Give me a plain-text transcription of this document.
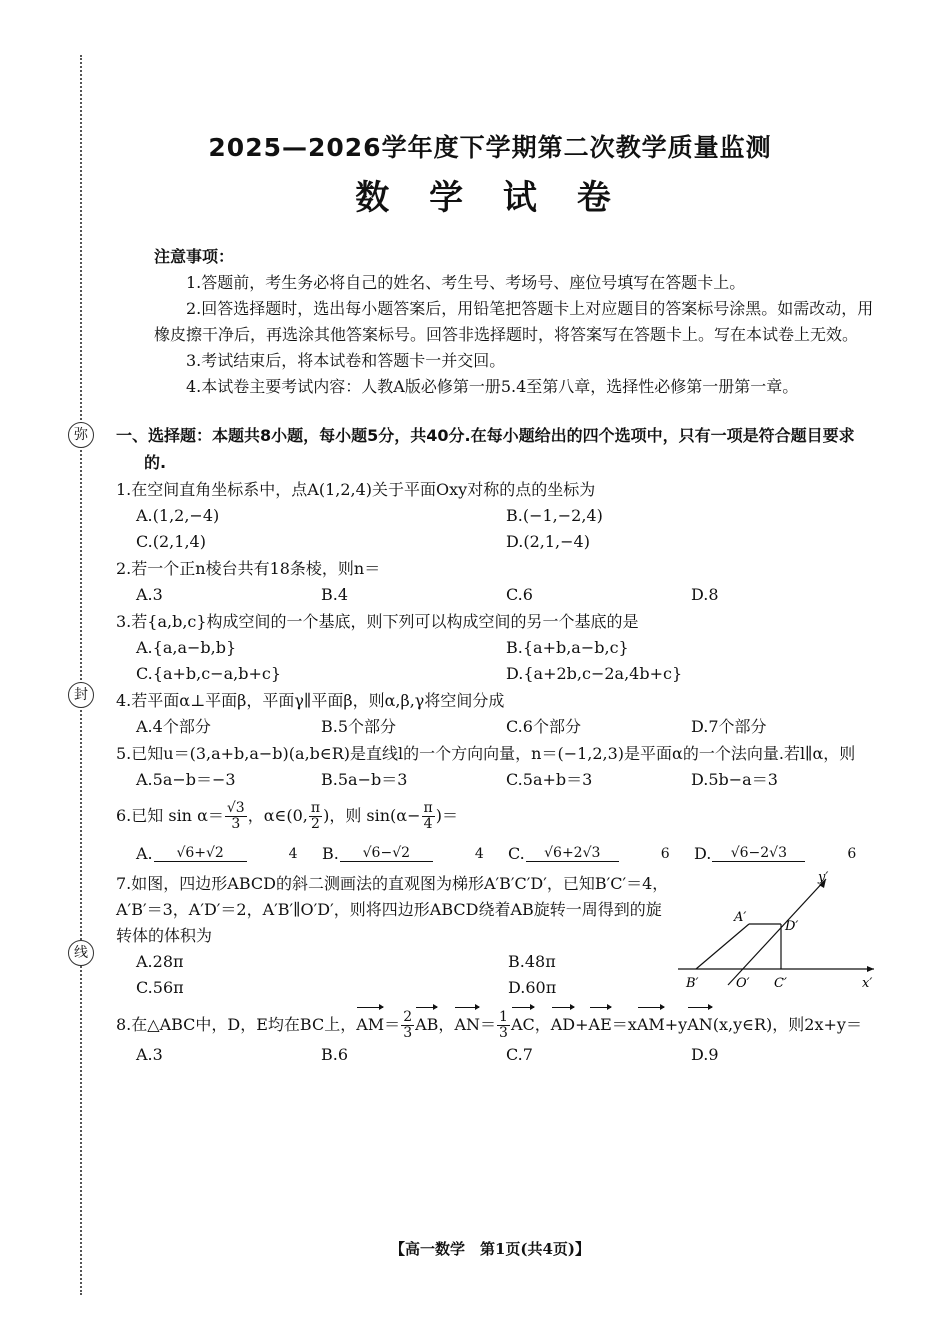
弥
封
线
2025—2026学年度下学期第二次教学质量监测
数 学 试 卷
注意事项：
1.答题前，考生务必将自己的姓名、考生号、考场号、座位号填写在答题卡上。
2.回答选择题时，选出每小题答案后，用铅笔把答题卡上对应题目的答案标号涂黑。如需改动，用橡皮擦干净后，再选涂其他答案标号。回答非选择题时，将答案写在答题卡上。写在本试卷上无效。
3.考试结束后，将本试卷和答题卡一并交回。
4.本试卷主要考试内容：人教A版必修第一册5.4至第八章，选择性必修第一册第一章。
一、选择题：本题共8小题，每小题5分，共40分.在每小题给出的四个选项中，只有一项是符合题目要求的.
1.在空间直角坐标系中，点A(1,2,4)关于平面Oxy对称的点的坐标为
A.(1,2,−4)	B.(−1,−2,4)
C.(2,1,4)	D.(2,1,−4)
2.若一个正n棱台共有18条棱，则n＝
A.3	B.4	C.6	D.8
3.若{a,b,c}构成空间的一个基底，则下列可以构成空间的另一个基底的是
A.{a,a−b,b}	B.{a+b,a−b,c}
C.{a+b,c−a,b+c}	D.{a+2b,c−2a,4b+c}
4.若平面α⊥平面β，平面γ∥平面β，则α,β,γ将空间分成
A.4个部分	B.5个部分	C.6个部分	D.7个部分
5.已知u＝(3,a+b,a−b)(a,b∈R)是直线l的一个方向向量，n＝(−1,2,3)是平面α的一个法向量.若l∥α，则
A.5a−b＝−3	B.5a−b＝3	C.5a+b＝3	D.5b−a＝3
6.已知 $\sin \alpha= \frac{√3}{3}$ ，α∈(0, $\frac{\pi}{2}$ )，则 $\sin(\alpha- \frac{\pi}{4}$ )＝
A.	√6+√2	4	B.	√6−√2	4	C.	√6+2√3	6	D.	√6−2√3	6
7.如图，四边形ABCD的斜二测画法的直观图为梯形A′B′C′D′，已知B′C′＝4，A′B′＝3，A′D′＝2，A′B′∥O′D′，则将四边形ABCD绕着AB旋转一周得到的旋转体的体积为
A.28π	B.48π
C.56π	D.60π
y′
x′
A′
D′
B′	O′ C′
8.在△ABC中，D，E均在BC上，$AM= \frac{2}{3}$ AB，$AN= \frac{1}{3}$ AC，AD+AE＝xAM+yAN(x,y∈R)，则2x+y＝
A.3	B.6	C.7	D.9
【高一数学　第1页(共4页)】
